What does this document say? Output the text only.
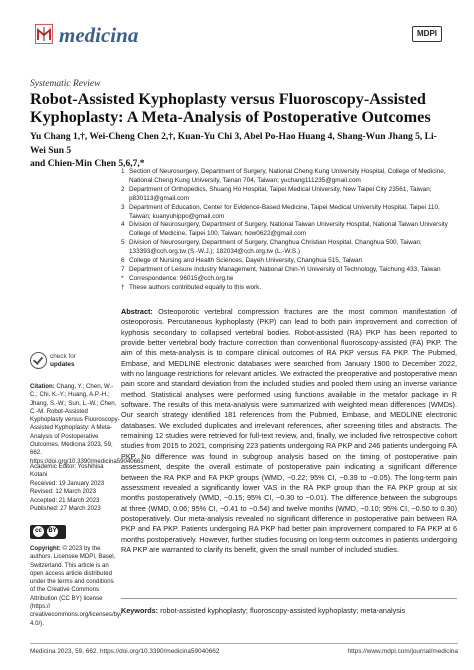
medicina	MDPI
Systematic Review
Robot-Assisted Kyphoplasty versus Fluoroscopy-Assisted Kyphoplasty: A Meta-Analysis of Postoperative Outcomes
Yu Chang 1,†, Wei-Cheng Chen 2,†, Kuan-Yu Chi 3, Abel Po-Hao Huang 4, Shang-Wun Jhang 5, Li-Wei Sun 5
and Chien-Min Chen 5,6,7,*
1 Section of Neurosurgery, Department of Surgery, National Cheng Kung University Hospital, College of Medicine, National Cheng Kung University, Tainan 704, Taiwan; yuchang111235@gmail.com
2 Department of Orthopedics, Shuang Ho Hospital, Taipei Medical University, New Taipei City 23561, Taiwan; p830113@gmail.com
3 Department of Education, Center for Evidence-Based Medicine, Taipei Medical University Hospital, Taipei 110, Taiwan; kuanyuhippo@gmail.com
4 Division of Neurosurgery, Department of Surgery, National Taiwan University Hospital, National Taiwan University College of Medicine, Taipei 100, Taiwan; how0622@gmail.com
5 Division of Neurosurgery, Department of Surgery, Changhua Christian Hospital, Changhua 500, Taiwan; 133393@cch.org.tw (S.-W.J.); 182034@cch.org.tw (L.-W.S.)
6 College of Nursing and Health Sciences, Dayeh University, Changhua 515, Taiwan
7 Department of Leisure Industry Management, National Chin-Yi University of Technology, Taichung 433, Taiwan
* Correspondence: 96015@cch.org.tw
† These authors contributed equally to this work.
check for
updates
Citation: Chang, Y.; Chen, W.-C.; Chi, K.-Y.; Huang, A.P.-H.; Jhang, S.-W.; Sun, L.-W.; Chen, C.-M. Robot-Assisted Kyphoplasty versus Fluoroscopy-Assisted Kyphoplasty: A Meta-Analysis of Postoperative Outcomes. Medicina 2023, 59, 662. https://doi.org/10.3390/medicina59040662
Academic Editor: Yoshihisa Kotani
Received: 19 January 2023
Revised: 12 March 2023
Accepted: 21 March 2023
Published: 27 March 2023
cc	BY
Copyright: © 2023 by the authors. Licensee MDPI, Basel, Switzerland. This article is an open access article distributed under the terms and conditions of the Creative Commons Attribution (CC BY) license (https:// creativecommons.org/licenses/by/ 4.0/).
Abstract: Osteoporotic vertebral compression fractures are the most common manifestation of osteoporosis. Percutaneous kyphoplasty (PKP) can lead to both pain improvement and correction of kyphosis secondary to collapsed vertebral bodies. Robot-assisted (RA) PKP has been reported to provide better vertebral body fracture correction than conventional fluoroscopy-assisted (FA) PKP. The aim of this meta-analysis is to compare clinical outcomes of RA PKP versus FA PKP. The Pubmed, Embase, and MEDLINE electronic databases were searched from January 1900 to December 2022, with no language restrictions for relevant articles. We extracted the preoperative and postoperative mean pain score and standard deviation from the included studies and pooled them using an inverse variance method. Statistical analyses were performed using functions available in the metafor package in R software. The results of this meta-analysis were summarized with weighted mean differences (WMDs). Our search strategy identified 181 references from the Pubmed, Embase, and MEDLINE electronic databases. We excluded duplicates and irrelevant references, after screening titles and abstracts. The remaining 12 studies were retrieved for full-text review, and, finally, we included five retrospective cohort studies from 2015 to 2021, comprising 223 patients undergoing RA PKP and 246 patients undergoing FA PKP. No difference was found in subgroup analysis based on the timing of postoperative pain assessment, despite the overall estimate of postoperative pain indicating a significant difference between the RA PKP and FA PKP groups (WMD, −0.22; 95% CI, −0.39 to −0.05). The long-term pain assessment revealed a significantly lower VAS in the RA PKP group than the FA PKP group at six months postoperatively (WMD, −0.15; 95% CI, −0.30 to −0.01). The difference between the subgroups at three (WMD, 0.06; 95% CI, −0.41 to −0.54) and twelve months (WMD, −0.10; 95% CI, −0.50 to 0.30) postoperatively. Our meta-analysis revealed no significant difference in postoperative pain between RA PKP and FA PKP. Patients undergoing RA PKP had better pain improvement compared to FA PKP at 6 months postoperatively. However, further studies focusing on long-term outcomes in patients undergoing RA PKP are warranted to clarify its benefit, given the small number of included studies.
Keywords: robot-assisted kyphoplasty; fluoroscopy-assisted kyphoplasty; meta-analysis
Medicina 2023, 59, 662. https://doi.org/10.3390/medicina59040662	https://www.mdpi.com/journal/medicina
